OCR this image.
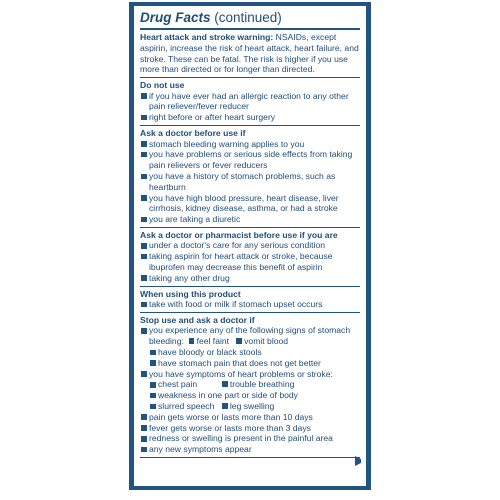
Drug Facts (continued)
Heart attack and stroke warning: NSAIDs, except aspirin, increase the risk of heart attack, heart failure, and stroke. These can be fatal. The risk is higher if you use more than directed or for longer than directed.
Do not use
if you have ever had an allergic reaction to any other pain reliever/fever reducer
right before or after heart surgery
Ask a doctor before use if
stomach bleeding warning applies to you
you have problems or serious side effects from taking pain relievers or fever reducers
you have a history of stomach problems, such as heartburn
you have high blood pressure, heart disease, liver cirrhosis, kidney disease, asthma, or had a stroke
you are taking a diuretic
Ask a doctor or pharmacist before use if you are
under a doctor's care for any serious condition
taking aspirin for heart attack or stroke, because ibuprofen may decrease this benefit of aspirin
taking any other drug
When using this product
take with food or milk if stomach upset occurs
Stop use and ask a doctor if
you experience any of the following signs of stomach bleeding: feel faint vomit blood
have bloody or black stools
have stomach pain that does not get better
you have symptoms of heart problems or stroke:
chest pain	trouble breathing
weakness in one part or side of body
slurred speech	leg swelling
pain gets worse or lasts more than 10 days
fever gets worse or lasts more than 3 days
redness or swelling is present in the painful area
any new symptoms appear
